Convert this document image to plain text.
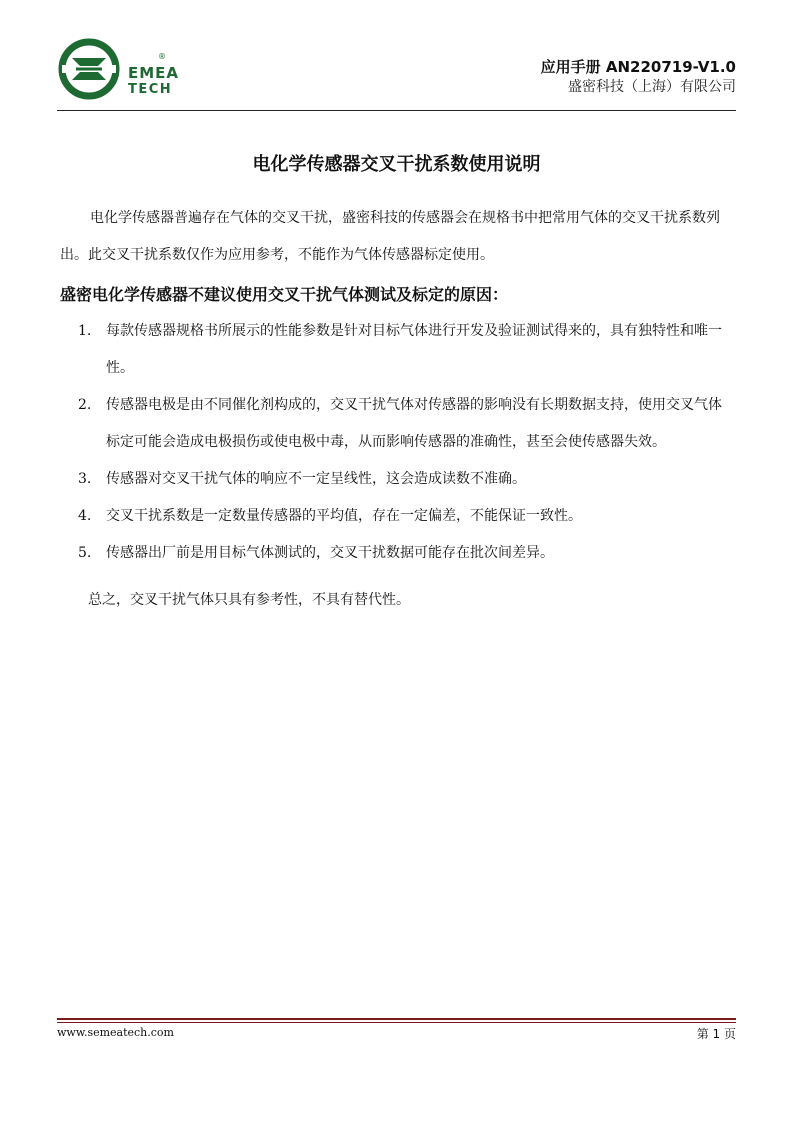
EMEA
®
TECH
应用手册 AN220719-V1.0
盛密科技（上海）有限公司
电化学传感器交叉干扰系数使用说明
电化学传感器普遍存在气体的交叉干扰，盛密科技的传感器会在规格书中把常用气体的交叉干扰系数列出。此交叉干扰系数仅作为应用参考，不能作为气体传感器标定使用。
盛密电化学传感器不建议使用交叉干扰气体测试及标定的原因：
1. 每款传感器规格书所展示的性能参数是针对目标气体进行开发及验证测试得来的，具有独特性和唯一性。
2. 传感器电极是由不同催化剂构成的，交叉干扰气体对传感器的影响没有长期数据支持，使用交叉气体标定可能会造成电极损伤或使电极中毒，从而影响传感器的准确性，甚至会使传感器失效。
3. 传感器对交叉干扰气体的响应不一定呈线性，这会造成读数不准确。
4. 交叉干扰系数是一定数量传感器的平均值，存在一定偏差，不能保证一致性。
5. 传感器出厂前是用目标气体测试的，交叉干扰数据可能存在批次间差异。
总之，交叉干扰气体只具有参考性，不具有替代性。
www.semeatech.com	第 1 页
